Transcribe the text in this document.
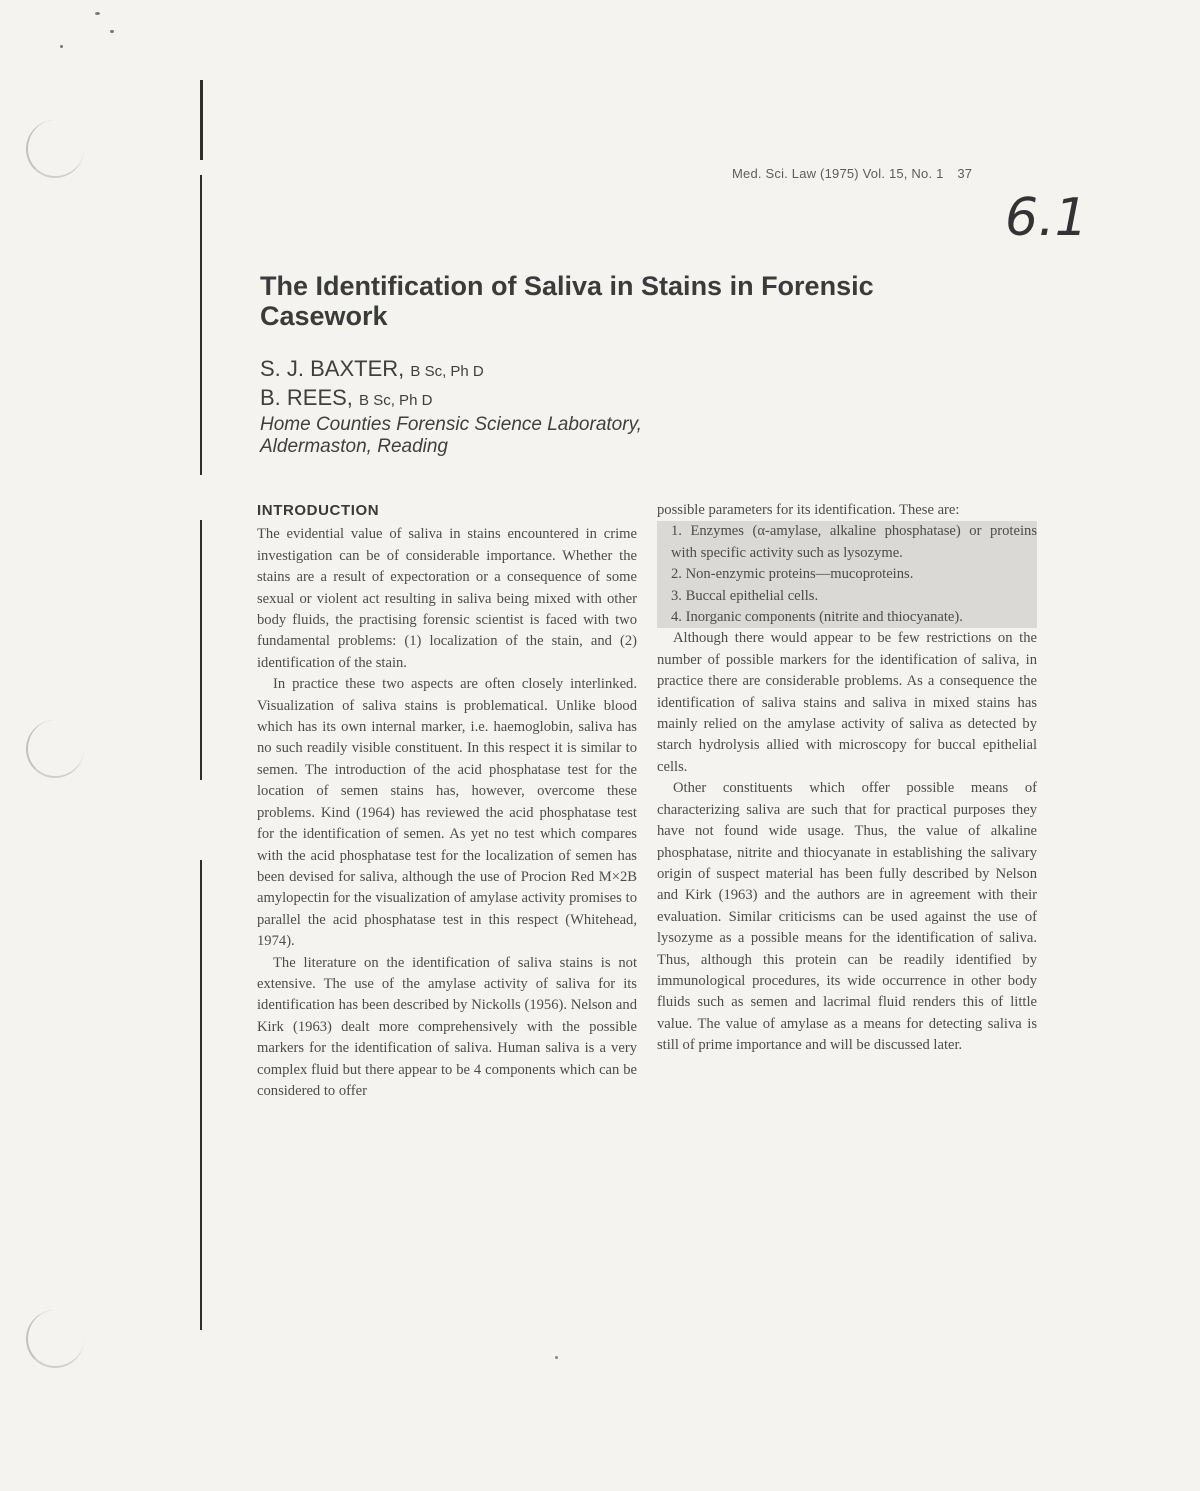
Med. Sci. Law (1975) Vol. 15, No. 1 37
6.1
The Identification of Saliva in Stains in Forensic Casework
S. J. BAXTER, B Sc, Ph D
B. REES, B Sc, Ph D
Home Counties Forensic Science Laboratory,
Aldermaston, Reading
INTRODUCTION

The evidential value of saliva in stains encountered in crime investigation can be of considerable importance. Whether the stains are a result of expectoration or a consequence of some sexual or violent act resulting in saliva being mixed with other body fluids, the practising forensic scientist is faced with two fundamental problems: (1) localization of the stain, and (2) identification of the stain.

In practice these two aspects are often closely interlinked. Visualization of saliva stains is problematical. Unlike blood which has its own internal marker, i.e. haemoglobin, saliva has no such readily visible constituent. In this respect it is similar to semen. The introduction of the acid phosphatase test for the location of semen stains has, however, overcome these problems. Kind (1964) has reviewed the acid phosphatase test for the identification of semen. As yet no test which compares with the acid phosphatase test for the localization of semen has been devised for saliva, although the use of Procion Red M×2B amylopectin for the visualization of amylase activity promises to parallel the acid phosphatase test in this respect (Whitehead, 1974).

The literature on the identification of saliva stains is not extensive. The use of the amylase activity of saliva for its identification has been described by Nickolls (1956). Nelson and Kirk (1963) dealt more comprehensively with the possible markers for the identification of saliva. Human saliva is a very complex fluid but there appear to be 4 components which can be considered to offer

possible parameters for its identification. These are:

1. Enzymes (α-amylase, alkaline phosphatase) or proteins with specific activity such as lysozyme.
2. Non-enzymic proteins—mucoproteins.
3. Buccal epithelial cells.
4. Inorganic components (nitrite and thiocyanate).

Although there would appear to be few restrictions on the number of possible markers for the identification of saliva, in practice there are considerable problems. As a consequence the identification of saliva stains and saliva in mixed stains has mainly relied on the amylase activity of saliva as detected by starch hydrolysis allied with microscopy for buccal epithelial cells.

Other constituents which offer possible means of characterizing saliva are such that for practical purposes they have not found wide usage. Thus, the value of alkaline phosphatase, nitrite and thiocyanate in establishing the salivary origin of suspect material has been fully described by Nelson and Kirk (1963) and the authors are in agreement with their evaluation. Similar criticisms can be used against the use of lysozyme as a possible means for the identification of saliva. Thus, although this protein can be readily identified by immunological procedures, its wide occurrence in other body fluids such as semen and lacrimal fluid renders this of little value. The value of amylase as a means for detecting saliva is still of prime importance and will be discussed later.
